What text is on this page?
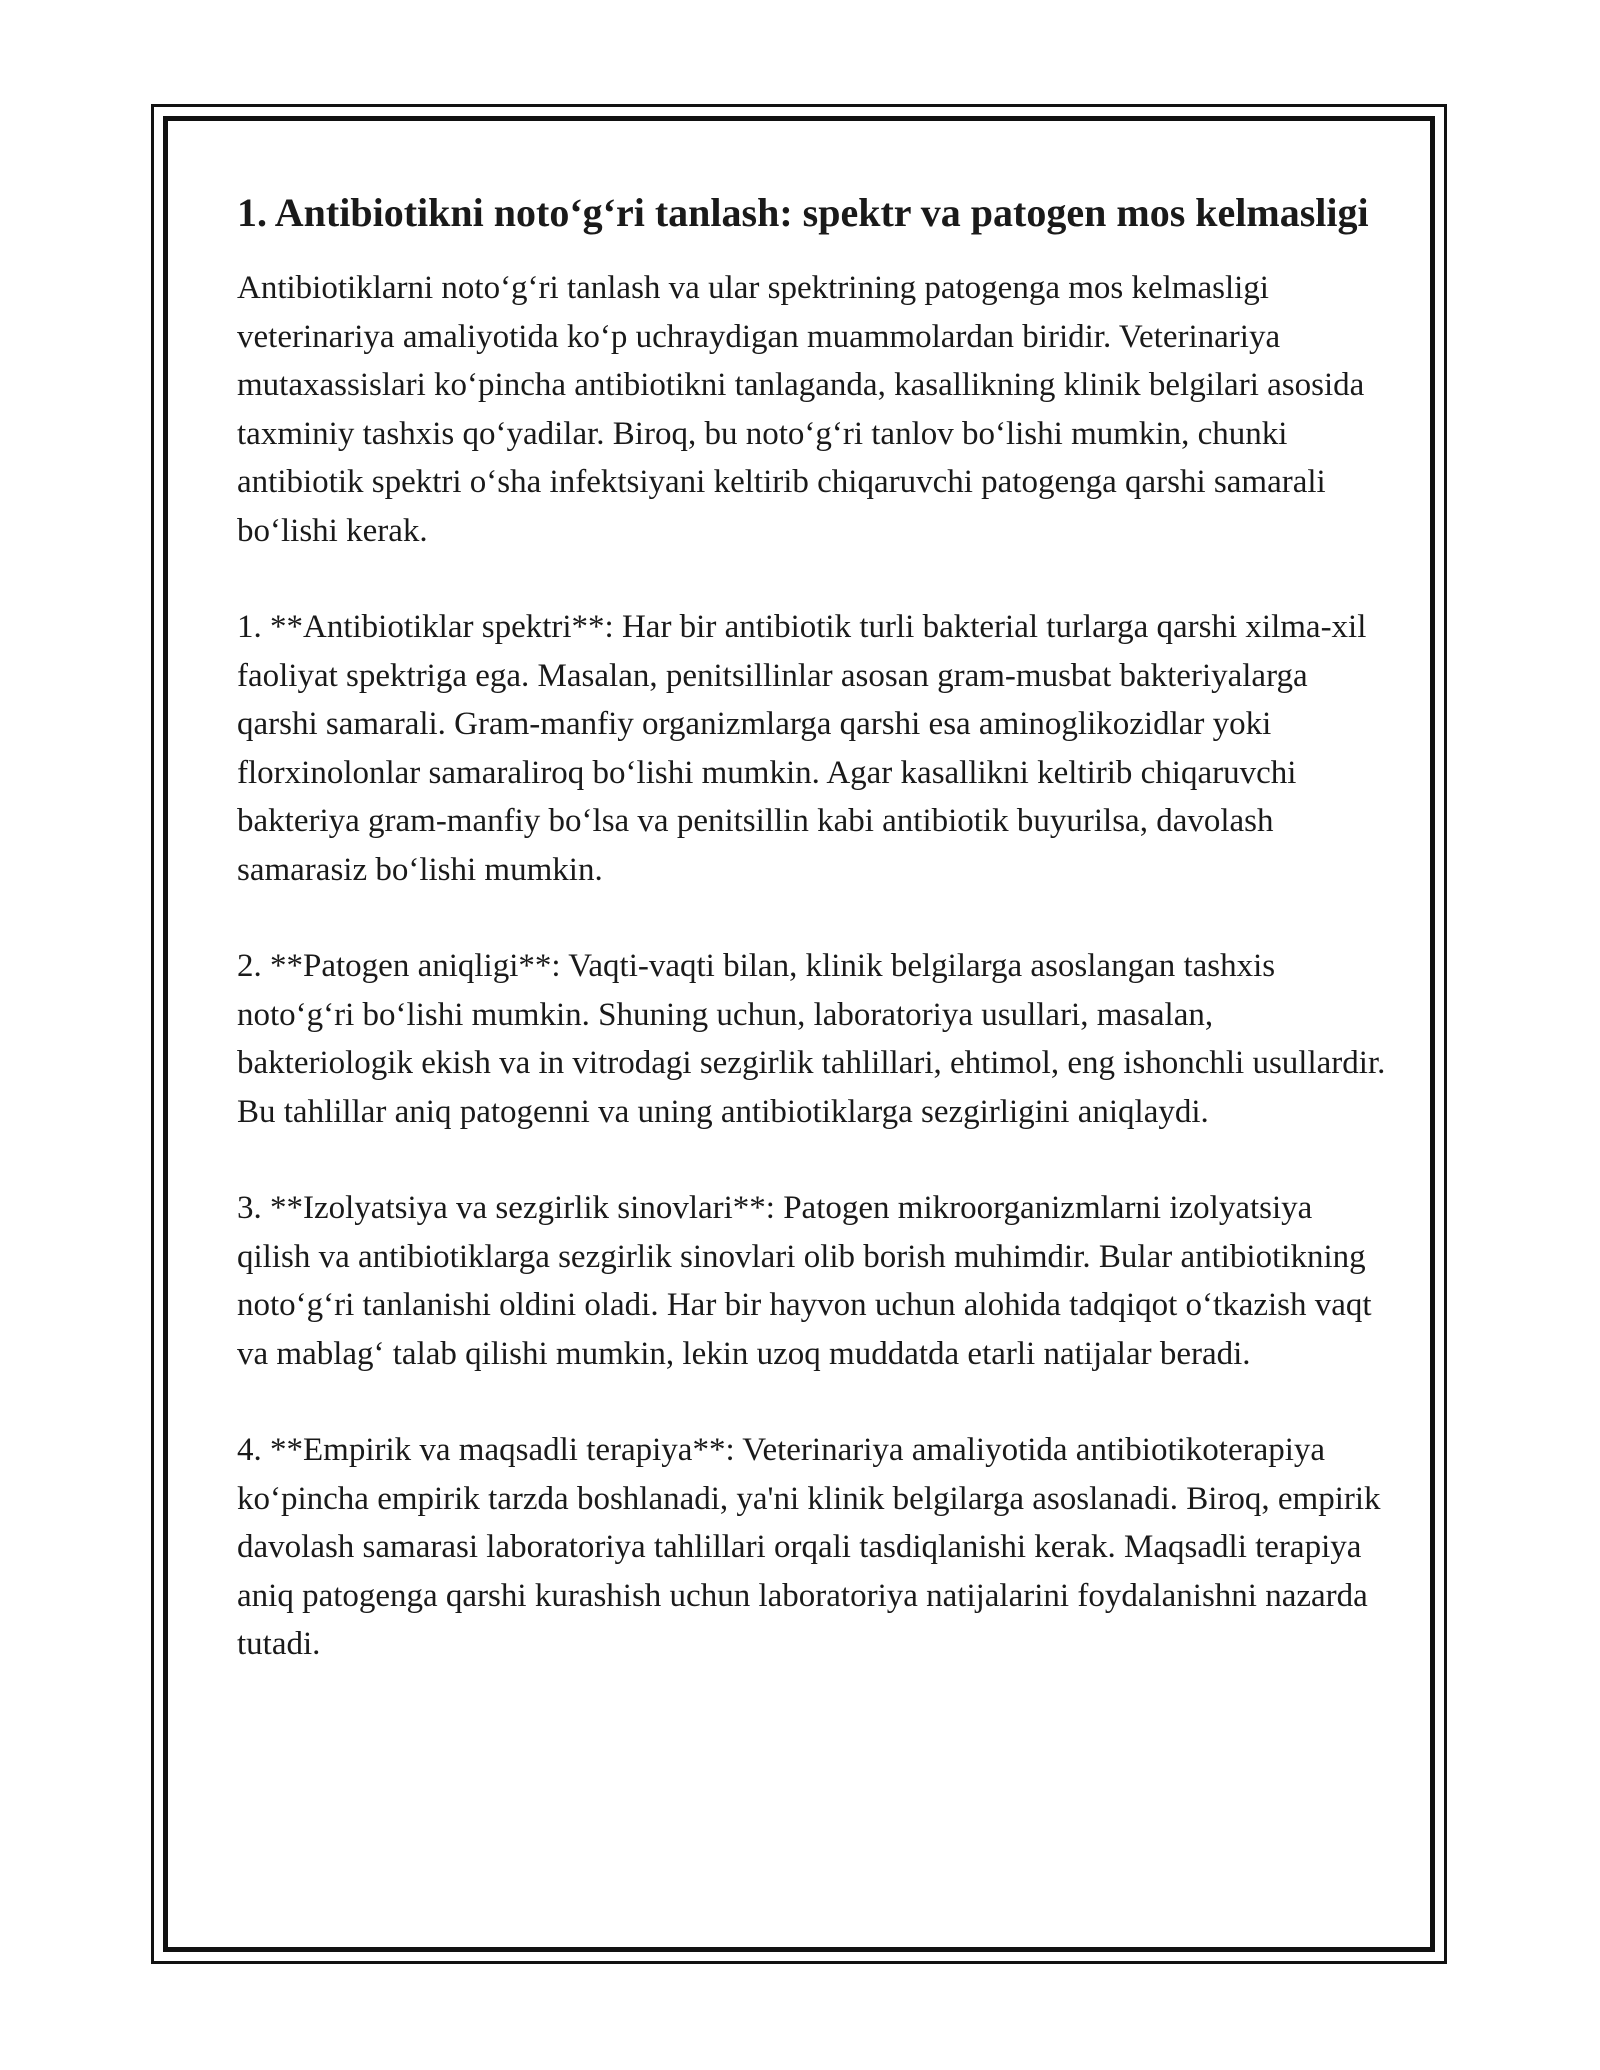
1. Antibiotikni noto‘g‘ri tanlash: spektr va patogen mos kelmasligi

Antibiotiklarni noto‘g‘ri tanlash va ular spektrining patogenga mos kelmasligi veterinariya amaliyotida ko‘p uchraydigan muammolardan biridir. Veterinariya mutaxassislari ko‘pincha antibiotikni tanlaganda, kasallikning klinik belgilari asosida taxminiy tashxis qo‘yadilar. Biroq, bu noto‘g‘ri tanlov bo‘lishi mumkin, chunki antibiotik spektri o‘sha infektsiyani keltirib chiqaruvchi patogenga qarshi samarali bo‘lishi kerak.

1. **Antibiotiklar spektri**: Har bir antibiotik turli bakterial turlarga qarshi xilma-xil faoliyat spektriga ega. Masalan, penitsillinlar asosan gram-musbat bakteriyalarga qarshi samarali. Gram-manfiy organizmlarga qarshi esa aminoglikozidlar yoki florxinolonlar samaraliroq bo‘lishi mumkin. Agar kasallikni keltirib chiqaruvchi bakteriya gram-manfiy bo‘lsa va penitsillin kabi antibiotik buyurilsa, davolash samarasiz bo‘lishi mumkin.

2. **Patogen aniqligi**: Vaqti-vaqti bilan, klinik belgilarga asoslangan tashxis noto‘g‘ri bo‘lishi mumkin. Shuning uchun, laboratoriya usullari, masalan, bakteriologik ekish va in vitrodagi sezgirlik tahlillari, ehtimol, eng ishonchli usullardir. Bu tahlillar aniq patogenni va uning antibiotiklarga sezgirligini aniqlaydi.

3. **Izolyatsiya va sezgirlik sinovlari**: Patogen mikroorganizmlarni izolyatsiya qilish va antibiotiklarga sezgirlik sinovlari olib borish muhimdir. Bular antibiotikning noto‘g‘ri tanlanishi oldini oladi. Har bir hayvon uchun alohida tadqiqot o‘tkazish vaqt va mablag‘ talab qilishi mumkin, lekin uzoq muddatda etarli natijalar beradi.

4. **Empirik va maqsadli terapiya**: Veterinariya amaliyotida antibiotikoterapiya ko‘pincha empirik tarzda boshlanadi, ya'ni klinik belgilarga asoslanadi. Biroq, empirik davolash samarasi laboratoriya tahlillari orqali tasdiqlanishi kerak. Maqsadli terapiya aniq patogenga qarshi kurashish uchun laboratoriya natijalarini foydalanishni nazarda tutadi.
